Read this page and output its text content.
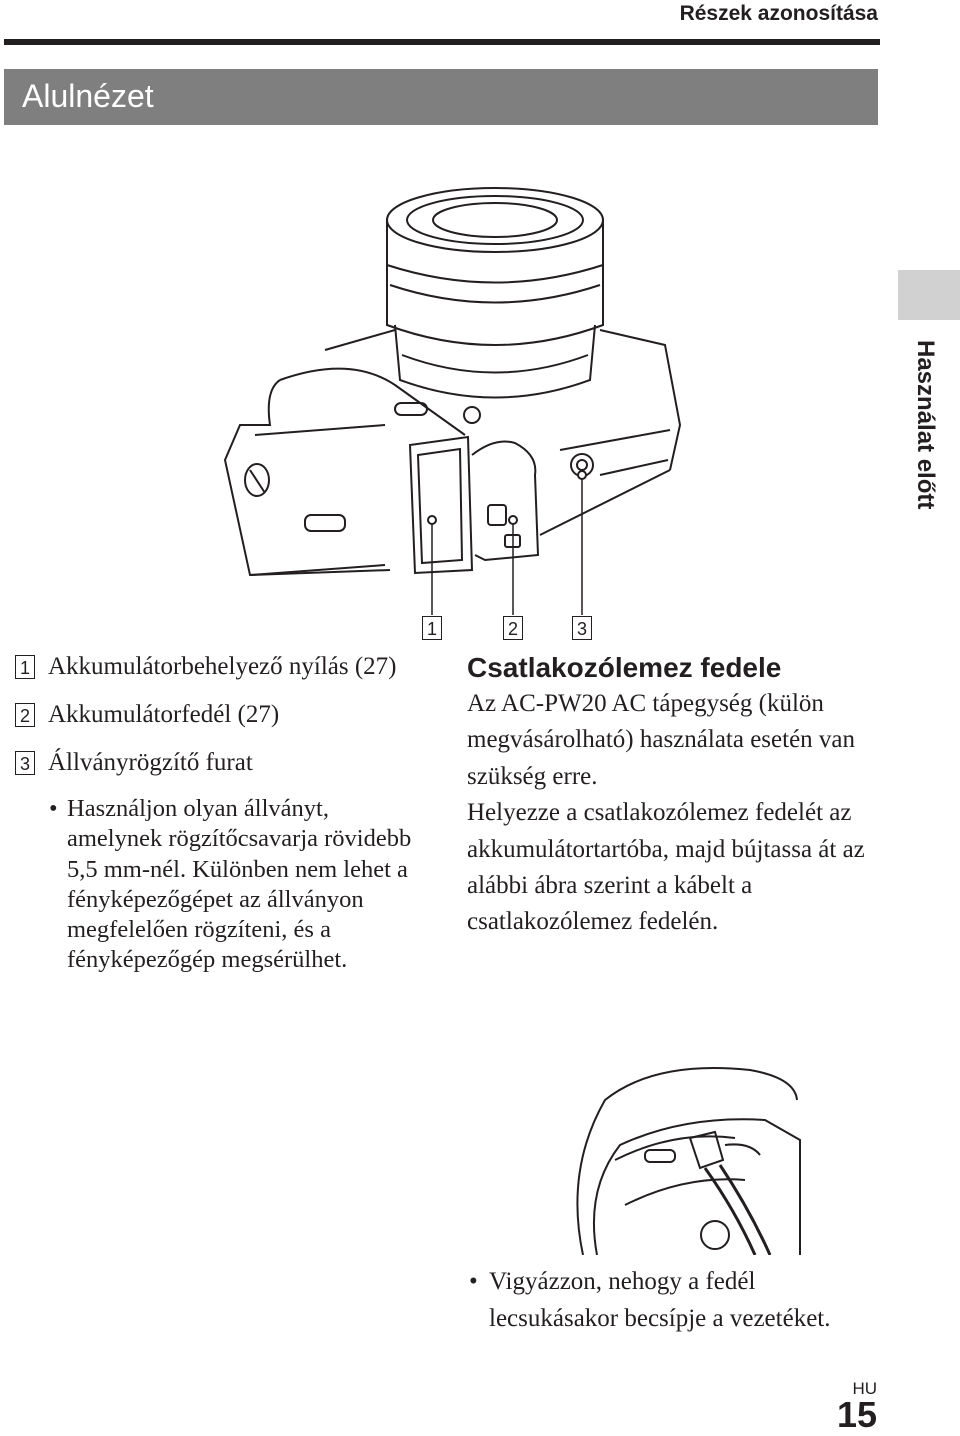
Részek azonosítása
Alulnézet
Használat előtt
1	2	3
1 Akkumulátorbehelyező nyílás (27)
2 Akkumulátorfedél (27)
3 Állványrögzítő furat
• Használjon olyan állványt, amelynek rögzítőcsavarja rövidebb 5,5 mm-nél. Különben nem lehet a fényképezőgépet az állványon megfelelően rögzíteni, és a fényképezőgép megsérülhet.
Csatlakozólemez fedele

Az AC-PW20 AC tápegység (külön megvásárolható) használata esetén van szükség erre.

Helyezze a csatlakozólemez fedelét az akkumulátortartóba, majd bújtassa át az alábbi ábra szerint a kábelt a csatlakozólemez fedelén.

• Vigyázzon, nehogy a fedél lecsukásakor becsípje a vezetéket.
HU
15
